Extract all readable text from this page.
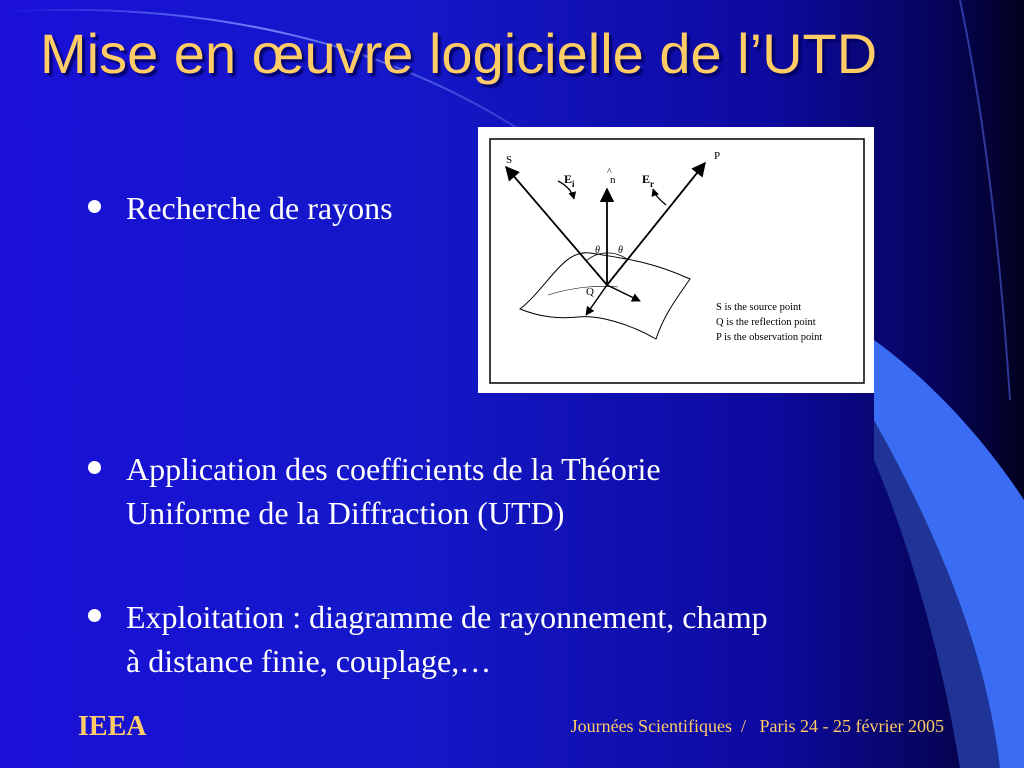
Mise en œuvre logicielle de l’UTD
Recherche de rayons
Application des coefficients de la Théorie
Uniforme de la Diffraction (UTD)
Exploitation : diagramme de rayonnement, champ
à distance finie, couplage,…
S	P
Q
$E_i$	$E_r$
^
n
θ θ
S is the source point
Q is the reflection point
P is the observation point
IEEA	Journées Scientifiques  /   Paris 24 - 25 février 2005
